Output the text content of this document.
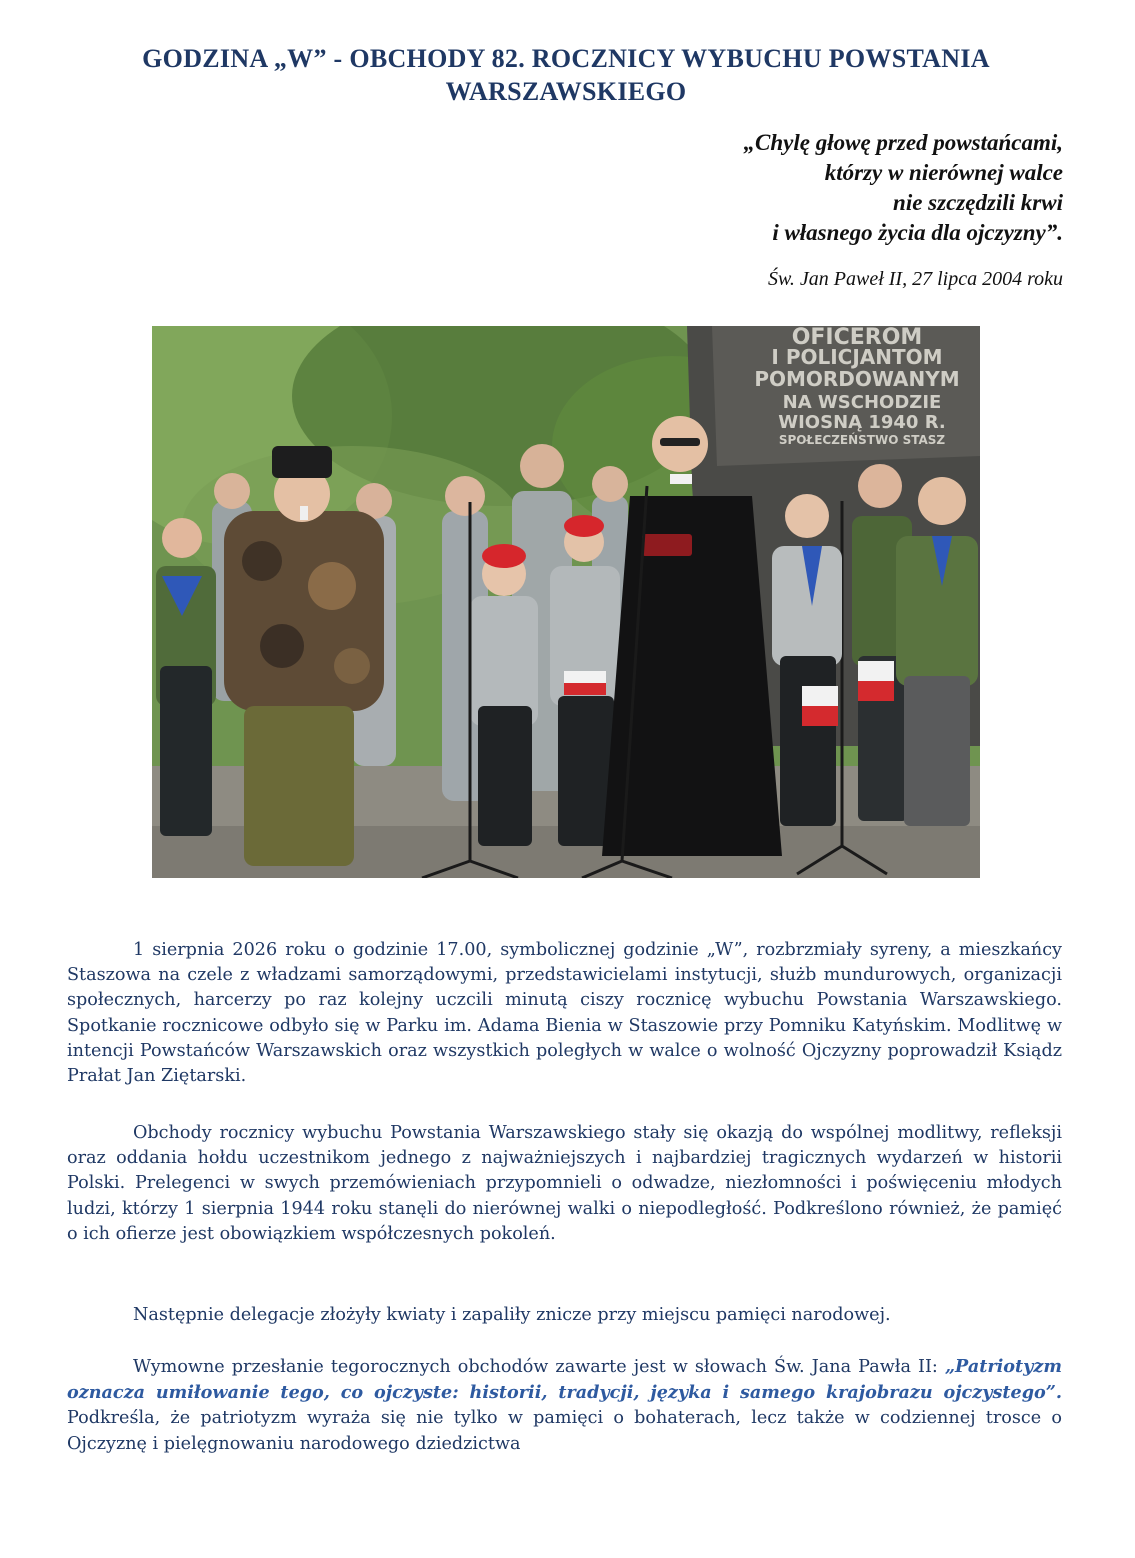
GODZINA „W” - OBCHODY 82. ROCZNICY WYBUCHU POWSTANIA
WARSZAWSKIEGO
„Chylę głowę przed powstańcami,
którzy w nierównej walce
nie szczędzili krwi
i własnego życia dla ojczyzny”.
Św. Jan Paweł II, 27 lipca 2004 roku
OFICEROM
I POLICJANTOM
POMORDOWANYM
NA WSCHODZIE
WIOSNĄ 1940 R.
SPOŁECZEŃSTWO STASZ
1 sierpnia 2026 roku o godzinie 17.00, symbolicznej godzinie „W”, rozbrzmiały syreny, a mieszkańcy Staszowa na czele z władzami samorządowymi, przedstawicielami instytucji, służb mundurowych, organizacji społecznych, harcerzy po raz kolejny uczcili minutą ciszy rocznicę wybuchu Powstania Warszawskiego. Spotkanie rocznicowe odbyło się w Parku im. Adama Bienia w Staszowie przy Pomniku Katyńskim. Modlitwę w intencji Powstańców Warszawskich oraz wszystkich poległych w walce o wolność Ojczyzny poprowadził Ksiądz Prałat Jan Ziętarski.
Obchody rocznicy wybuchu Powstania Warszawskiego stały się okazją do wspólnej modlitwy, refleksji oraz oddania hołdu uczestnikom jednego z najważniejszych i najbardziej tragicznych wydarzeń w historii Polski. Prelegenci w swych przemówieniach przypomnieli o odwadze, niezłomności i poświęceniu młodych ludzi, którzy 1 sierpnia 1944 roku stanęli do nierównej walki o niepodległość. Podkreślono również, że pamięć o ich ofierze jest obowiązkiem współczesnych pokoleń.
Następnie delegacje złożyły kwiaty i zapaliły znicze przy miejscu pamięci narodowej.
Wymowne przesłanie tegorocznych obchodów zawarte jest w słowach Św. Jana Pawła II: „Patriotyzm oznacza umiłowanie tego, co ojczyste: historii, tradycji, języka i samego krajobrazu ojczystego”. Podkreśla, że patriotyzm wyraża się nie tylko w pamięci o bohaterach, lecz także w codziennej trosce o Ojczyznę i pielęgnowaniu narodowego dziedzictwa
